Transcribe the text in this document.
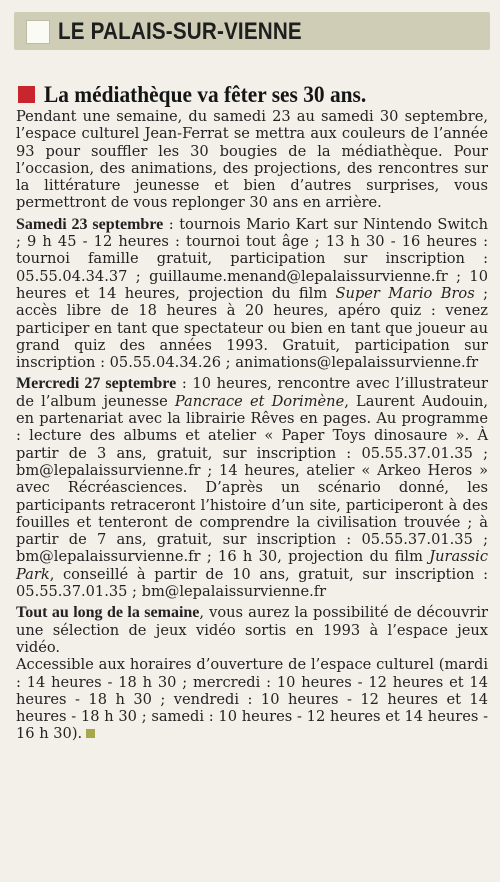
LE PALAIS-SUR-VIENNE
La médiathèque va fêter ses 30 ans.

Pendant une semaine, du samedi 23 au samedi 30 septembre, l’espace culturel Jean-Ferrat se mettra aux couleurs de l’année 93 pour souffler les 30 bougies de la médiathèque. Pour l’occasion, des animations, des projections, des rencontres sur la littérature jeunesse et bien d’autres surprises, vous permettront de vous replonger 30 ans en arrière.

Samedi 23 septembre : tournois Mario Kart sur Nintendo Switch ; 9 h 45 - 12 heures : tournoi tout âge ; 13 h 30 - 16 heures : tournoi famille gratuit, participation sur inscription : 05.55.04.34.37 ; guillaume.menand@lepalaissurvienne.fr ; 10 heures et 14 heures, projection du film Super Mario Bros ; accès libre de 18 heures à 20 heures, apéro quiz : venez participer en tant que spectateur ou bien en tant que joueur au grand quiz des années 1993. Gratuit, participation sur inscription : 05.55.04.34.26 ; animations@lepalaissurvienne.fr

Mercredi 27 septembre : 10 heures, rencontre avec l’illustrateur de l’album jeunesse Pancrace et Dorimène, Laurent Audouin, en partenariat avec la librairie Rêves en pages. Au programme : lecture des albums et atelier « Paper Toys dinosaure ». À partir de 3 ans, gratuit, sur inscription : 05.55.37.01.35 ; bm@lepalaissurvienne.fr ; 14 heures, atelier « Arkeo Heros » avec Récréasciences. D’après un scénario donné, les participants retraceront l’histoire d’un site, participeront à des fouilles et tenteront de comprendre la civilisation trouvée ; à partir de 7 ans, gratuit, sur inscription : 05.55.37.01.35 ; bm@lepalaissurvienne.fr ; 16 h 30, projection du film Jurassic Park, conseillé à partir de 10 ans, gratuit, sur inscription : 05.55.37.01.35 ; bm@lepalaissurvienne.fr

Tout au long de la semaine, vous aurez la possibilité de découvrir une sélection de jeux vidéo sortis en 1993 à l’espace jeux vidéo.

Accessible aux horaires d’ouverture de l’espace culturel (mardi : 14 heures - 18 h 30 ; mercredi : 10 heures - 12 heures et 14 heures - 18 h 30 ; vendredi : 10 heures - 12 heures et 14 heures - 18 h 30 ; samedi : 10 heures - 12 heures et 14 heures - 16 h 30).
